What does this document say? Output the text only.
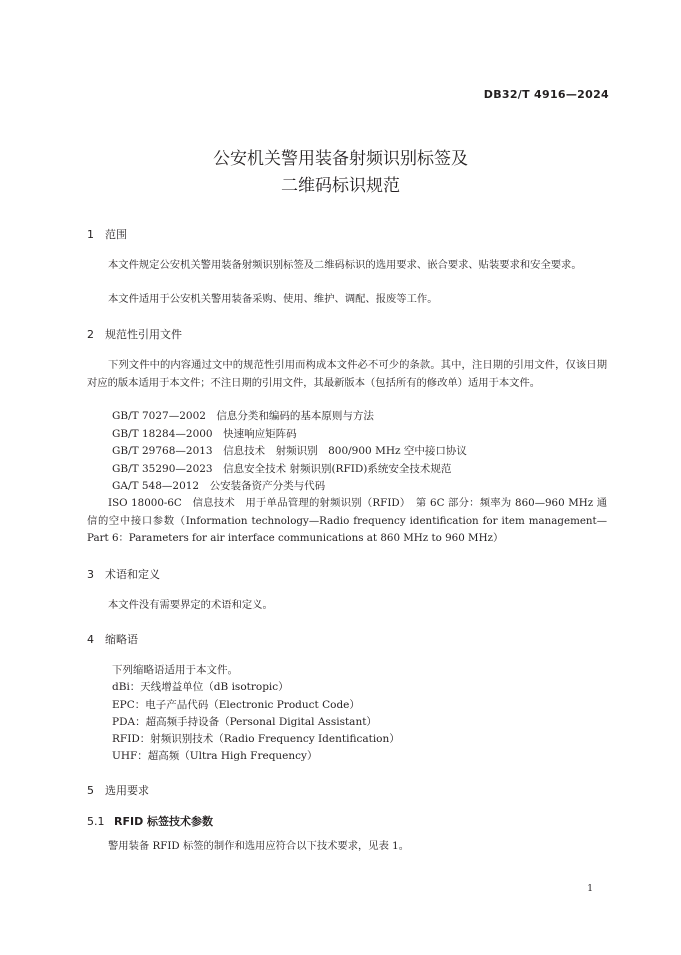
DB32/T 4916—2024
公安机关警用装备射频识别标签及
二维码标识规范
1 范围
本文件规定公安机关警用装备射频识别标签及二维码标识的选用要求、嵌合要求、贴装要求和安全要求。
本文件适用于公安机关警用装备采购、使用、维护、调配、报废等工作。
2 规范性引用文件
下列文件中的内容通过文中的规范性引用而构成本文件必不可少的条款。其中，注日期的引用文件，仅该日期对应的版本适用于本文件；不注日期的引用文件，其最新版本（包括所有的修改单）适用于本文件。
GB/T 7027—2002　信息分类和编码的基本原则与方法
GB/T 18284—2000　快速响应矩阵码
GB/T 29768—2013　信息技术　射频识别　800/900 MHz 空中接口协议
GB/T 35290—2023　信息安全技术 射频识别(RFID)系统安全技术规范
GA/T 548—2012　公安装备资产分类与代码
ISO 18000-6C　信息技术　用于单品管理的射频识别（RFID）　第 6C 部分：频率为 860—960 MHz 通信的空中接口参数（Information technology—Radio frequency identification for item management—Part 6：Parameters for air interface communications at 860 MHz to 960 MHz）
3 术语和定义
本文件没有需要界定的术语和定义。
4 缩略语
下列缩略语适用于本文件。
dBi：天线增益单位（dB isotropic）
EPC：电子产品代码（Electronic Product Code）
PDA：超高频手持设备（Personal Digital Assistant）
RFID：射频识别技术（Radio Frequency Identification）
UHF：超高频（Ultra High Frequency）
5 选用要求
5.1 RFID 标签技术参数
警用装备 RFID 标签的制作和选用应符合以下技术要求，见表 1。
1
